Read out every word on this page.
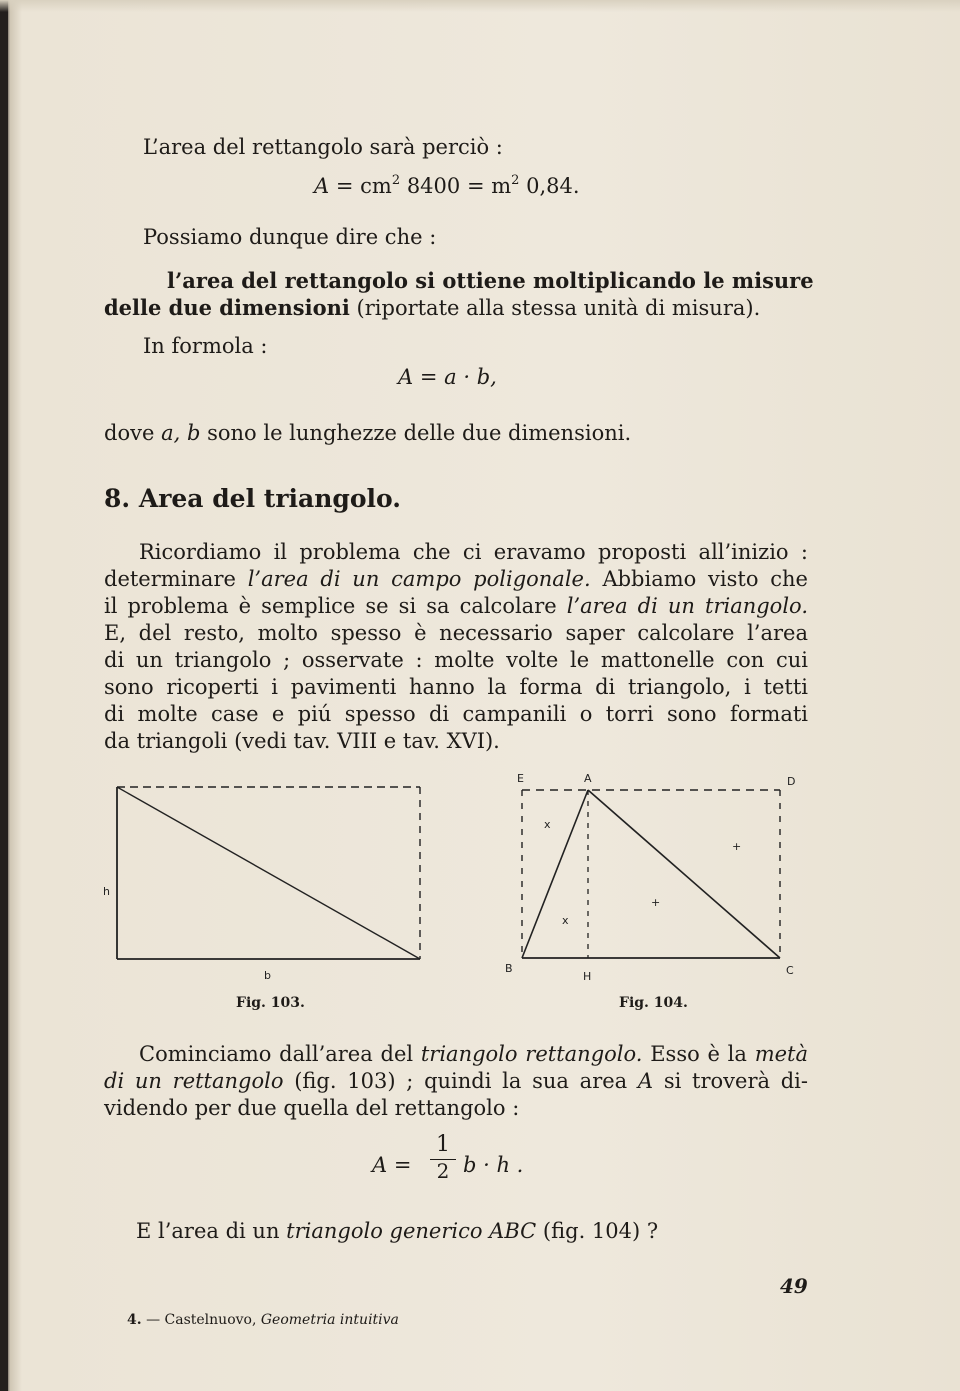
L’area del rettangolo sarà perciò :
$A = cm^2$ $8400 = m^2$ 0,84.
Possiamo dunque dire che :
l’area del rettangolo si ottiene moltiplicando le misure
delle due dimensioni (riportate alla stessa unità di misura).
In formola :
A = a · b,
dove a, b sono le lunghezze delle due dimensioni.
8. Area del triangolo.
Ricordiamo il problema che ci eravamo proposti all’inizio :
determinare l’area di un campo poligonale. Abbiamo visto che
il problema è semplice se si sa calcolare l’area di un triangolo.
E, del resto, molto spesso è necessario saper calcolare l’area
di un triangolo ; osservate : molte volte le mattonelle con cui
sono ricoperti i pavimenti hanno la forma di triangolo, i tetti
di molte case e piú spesso di campanili o torri sono formati
da triangoli (vedi tav. VIII e tav. XVI).
h
b
Fig. 103.
E	A	D
B
H	C
x
x
+
+
Fig. 104.
Cominciamo dall’area del triangolo rettangolo. Esso è la metà
di un rettangolo (fig. 103) ; quindi la sua area A si troverà di-
videndo per due quella del rettangolo :
A =
1
2 b · h .
E l’area di un triangolo generico ABC (fig. 104) ?
49
4. — Castelnuovo, Geometria intuitiva
